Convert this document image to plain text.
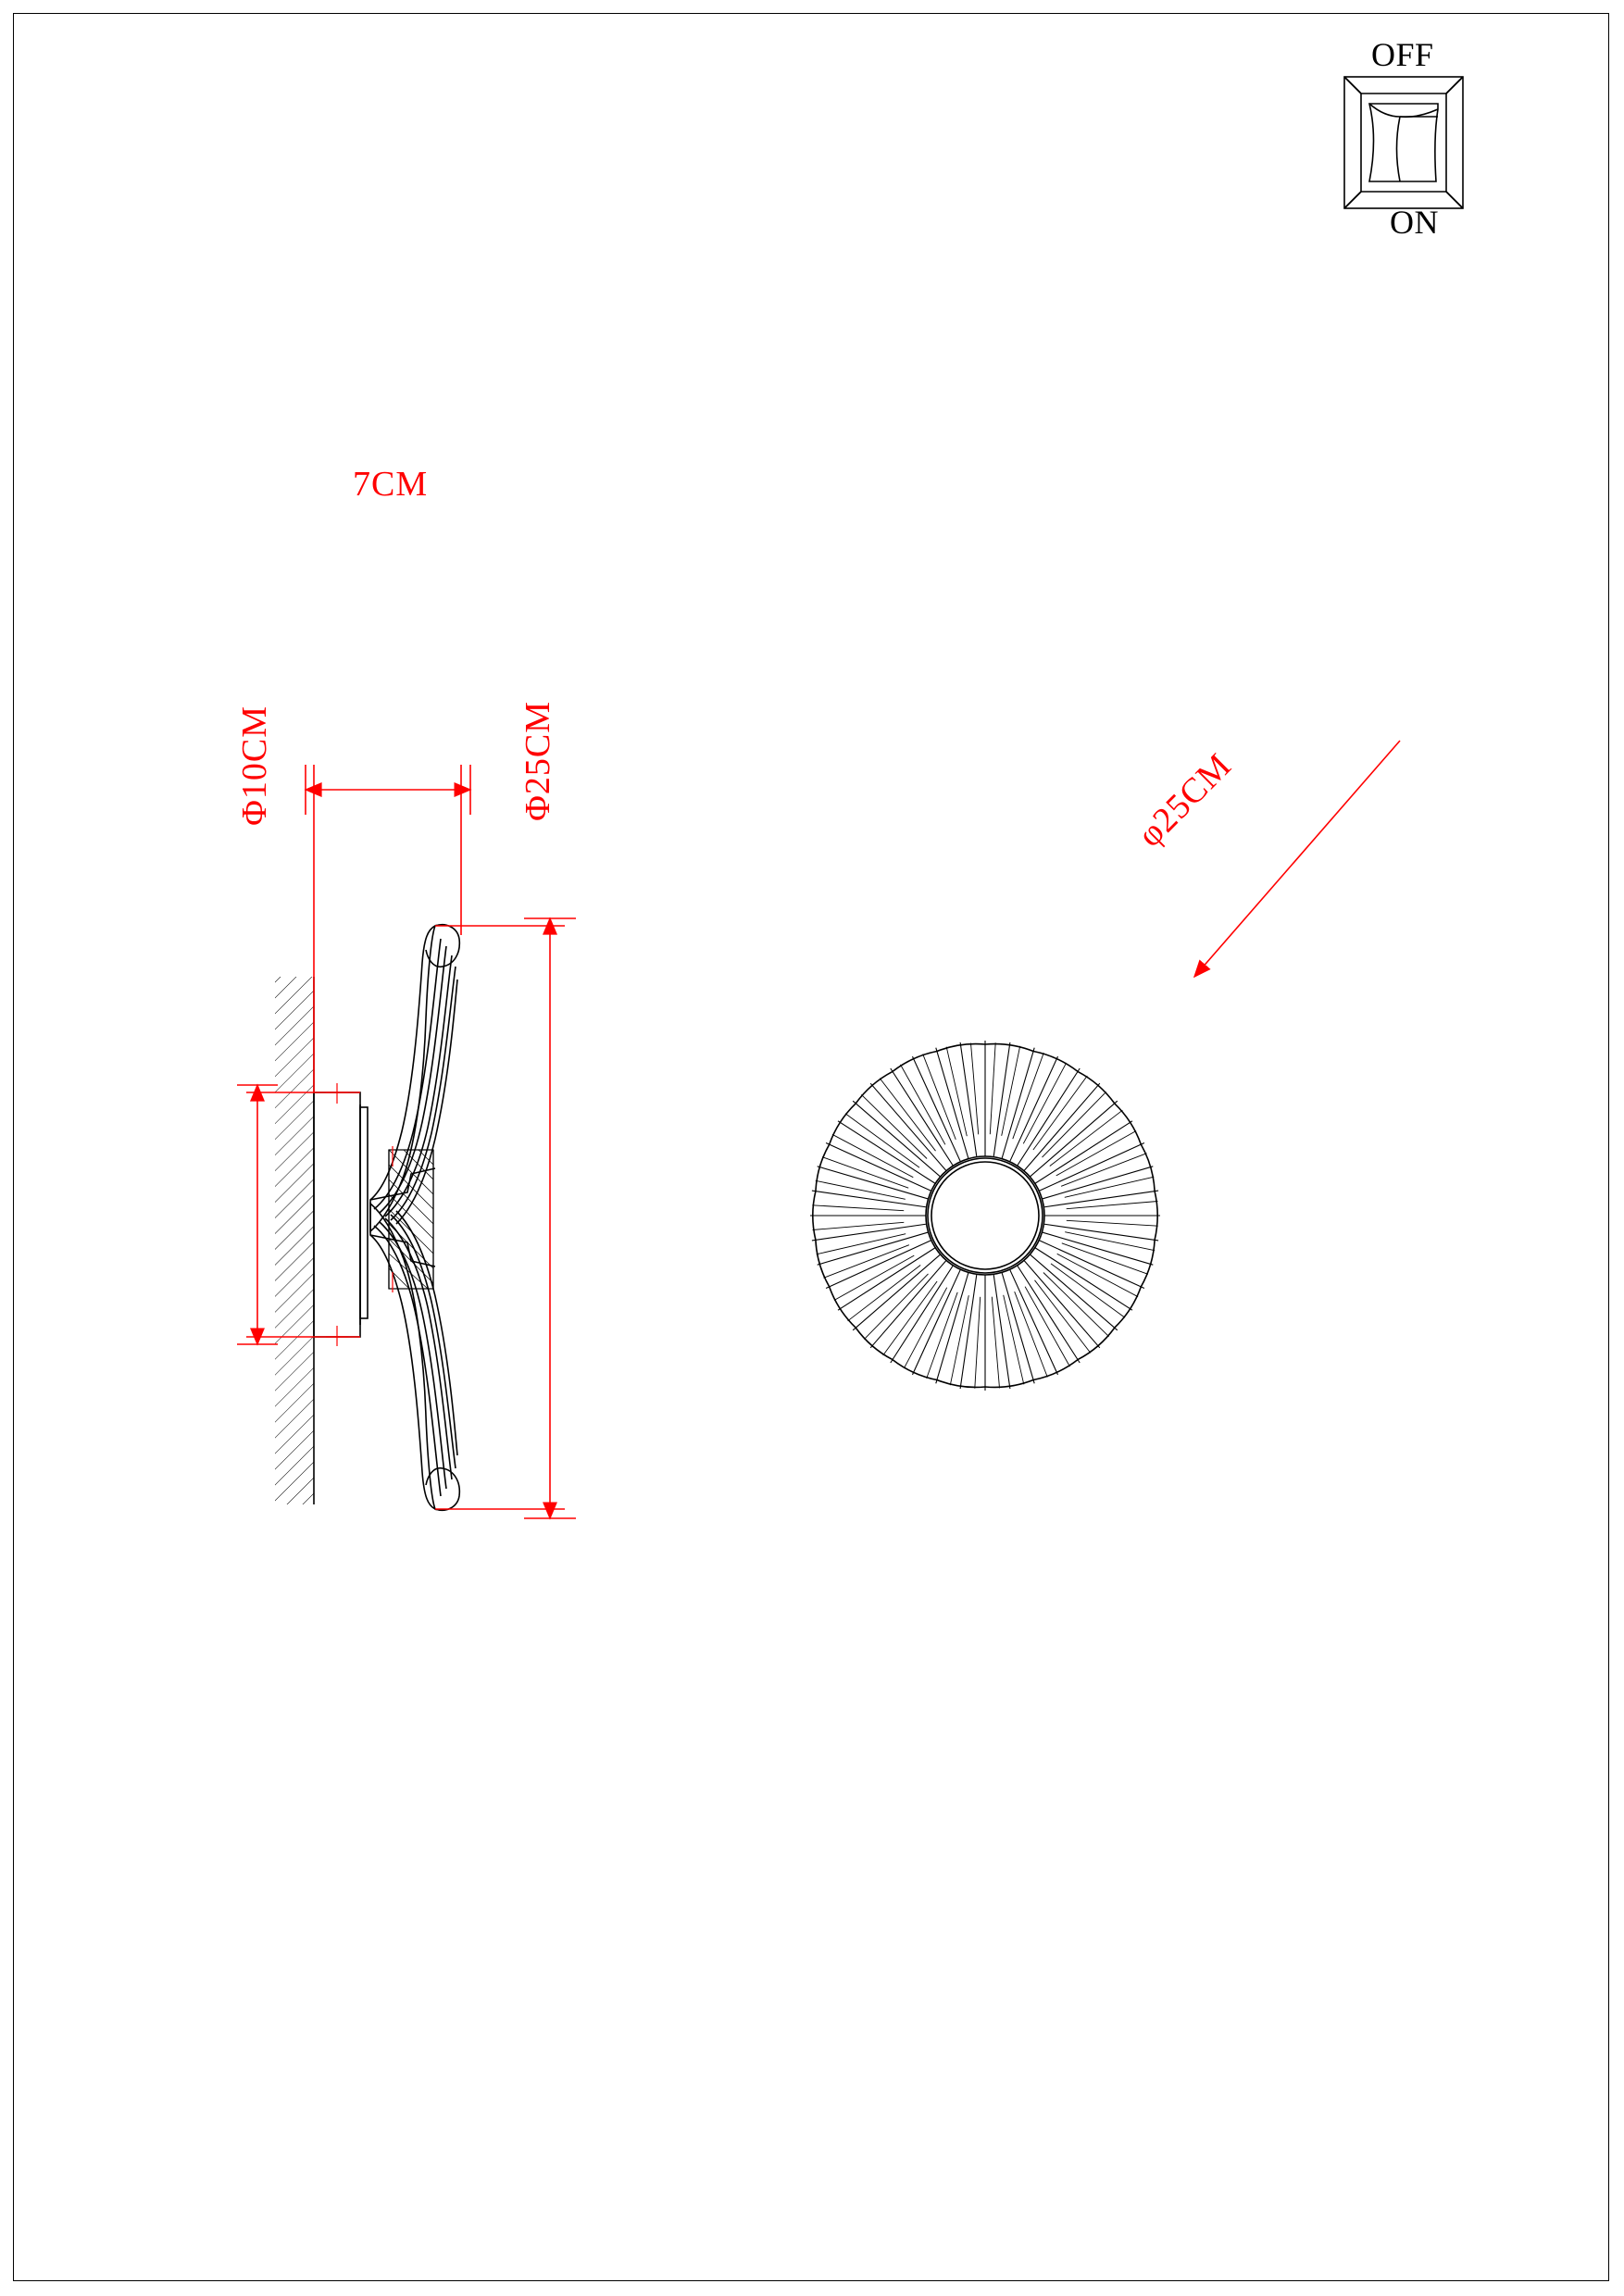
OFF
ON
7CM
Φ10CM	Φ25CM	φ25CM
